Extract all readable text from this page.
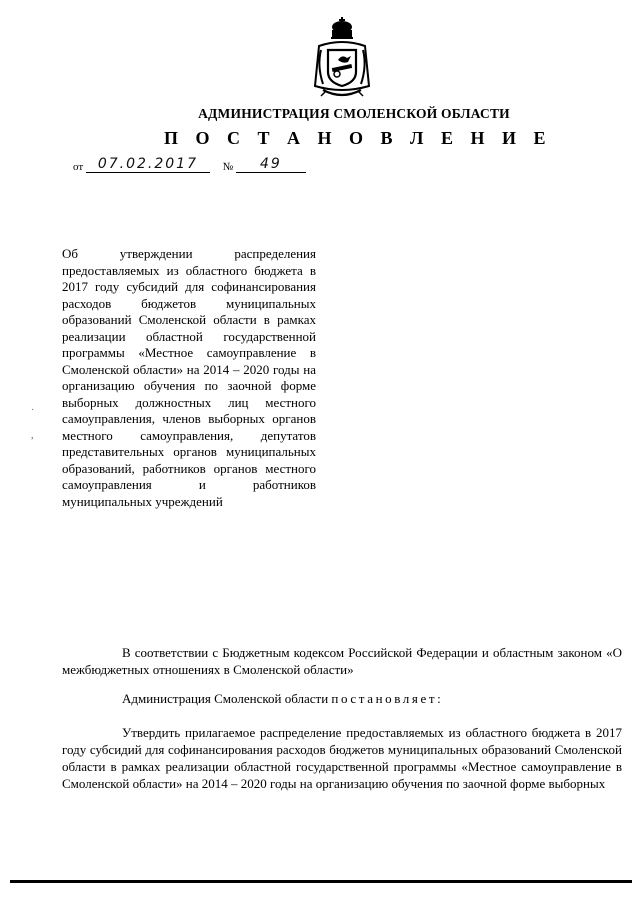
АДМИНИСТРАЦИЯ СМОЛЕНСКОЙ ОБЛАСТИ
П О С Т А Н О В Л Е Н И Е
от 07.02.2017 № 49
Об утверждении распределения предоставляемых из областного бюджета в 2017 году субсидий для софинансирования расходов бюджетов муниципальных образований Смоленской области в рамках реализации областной государственной программы «Местное самоуправление в Смоленской области» на 2014 – 2020 годы на организацию обучения по заочной форме выборных должностных лиц местного самоуправления, членов выборных органов местного самоуправления, депутатов представительных органов муниципальных образований, работников органов местного самоуправления и работников муниципальных учреждений
˙
,
В соответствии с Бюджетным кодексом Российской Федерации и областным законом «О межбюджетных отношениях в Смоленской области»
Администрация Смоленской области постановляет:
Утвердить прилагаемое распределение предоставляемых из областного бюджета в 2017 году субсидий для софинансирования расходов бюджетов муниципальных образований Смоленской области в рамках реализации областной государственной программы «Местное самоуправление в Смоленской области» на 2014 – 2020 годы на организацию обучения по заочной форме выборных
